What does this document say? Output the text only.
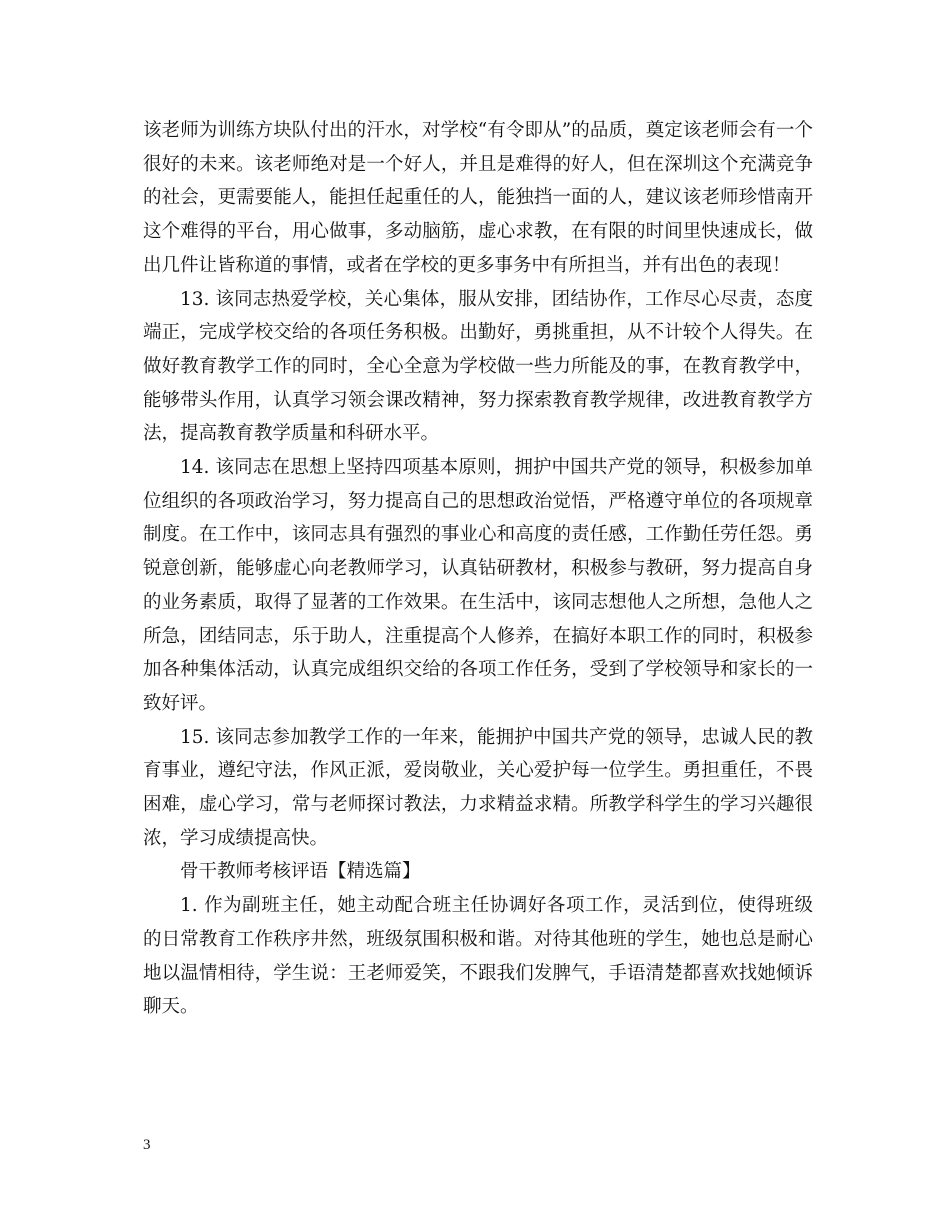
该老师为训练方块队付出的汗水，对学校“有令即从”的品质，奠定该老师会有一个很好的未来。该老师绝对是一个好人，并且是难得的好人，但在深圳这个充满竞争的社会，更需要能人，能担任起重任的人，能独挡一面的人，建议该老师珍惜南开这个难得的平台，用心做事，多动脑筋，虚心求教，在有限的时间里快速成长，做出几件让皆称道的事情，或者在学校的更多事务中有所担当，并有出色的表现！

13. 该同志热爱学校，关心集体，服从安排，团结协作，工作尽心尽责，态度端正，完成学校交给的各项任务积极。出勤好，勇挑重担，从不计较个人得失。在做好教育教学工作的同时，全心全意为学校做一些力所能及的事，在教育教学中，能够带头作用，认真学习领会课改精神，努力探索教育教学规律，改进教育教学方法，提高教育教学质量和科研水平。

14. 该同志在思想上坚持四项基本原则，拥护中国共产党的领导，积极参加单位组织的各项政治学习，努力提高自己的思想政治觉悟，严格遵守单位的各项规章制度。在工作中，该同志具有强烈的事业心和高度的责任感，工作勤任劳任怨。勇锐意创新，能够虚心向老教师学习，认真钻研教材，积极参与教研，努力提高自身的业务素质，取得了显著的工作效果。在生活中，该同志想他人之所想，急他人之所急，团结同志，乐于助人，注重提高个人修养，在搞好本职工作的同时，积极参加各种集体活动，认真完成组织交给的各项工作任务，受到了学校领导和家长的一致好评。

15. 该同志参加教学工作的一年来，能拥护中国共产党的领导，忠诚人民的教育事业，遵纪守法，作风正派，爱岗敬业，关心爱护每一位学生。勇担重任，不畏困难，虚心学习，常与老师探讨教法，力求精益求精。所教学科学生的学习兴趣很浓，学习成绩提高快。

骨干教师考核评语【精选篇】

1. 作为副班主任，她主动配合班主任协调好各项工作，灵活到位，使得班级的日常教育工作秩序井然，班级氛围积极和谐。对待其他班的学生，她也总是耐心地以温情相待，学生说：王老师爱笑，不跟我们发脾气，手语清楚都喜欢找她倾诉聊天。

3
